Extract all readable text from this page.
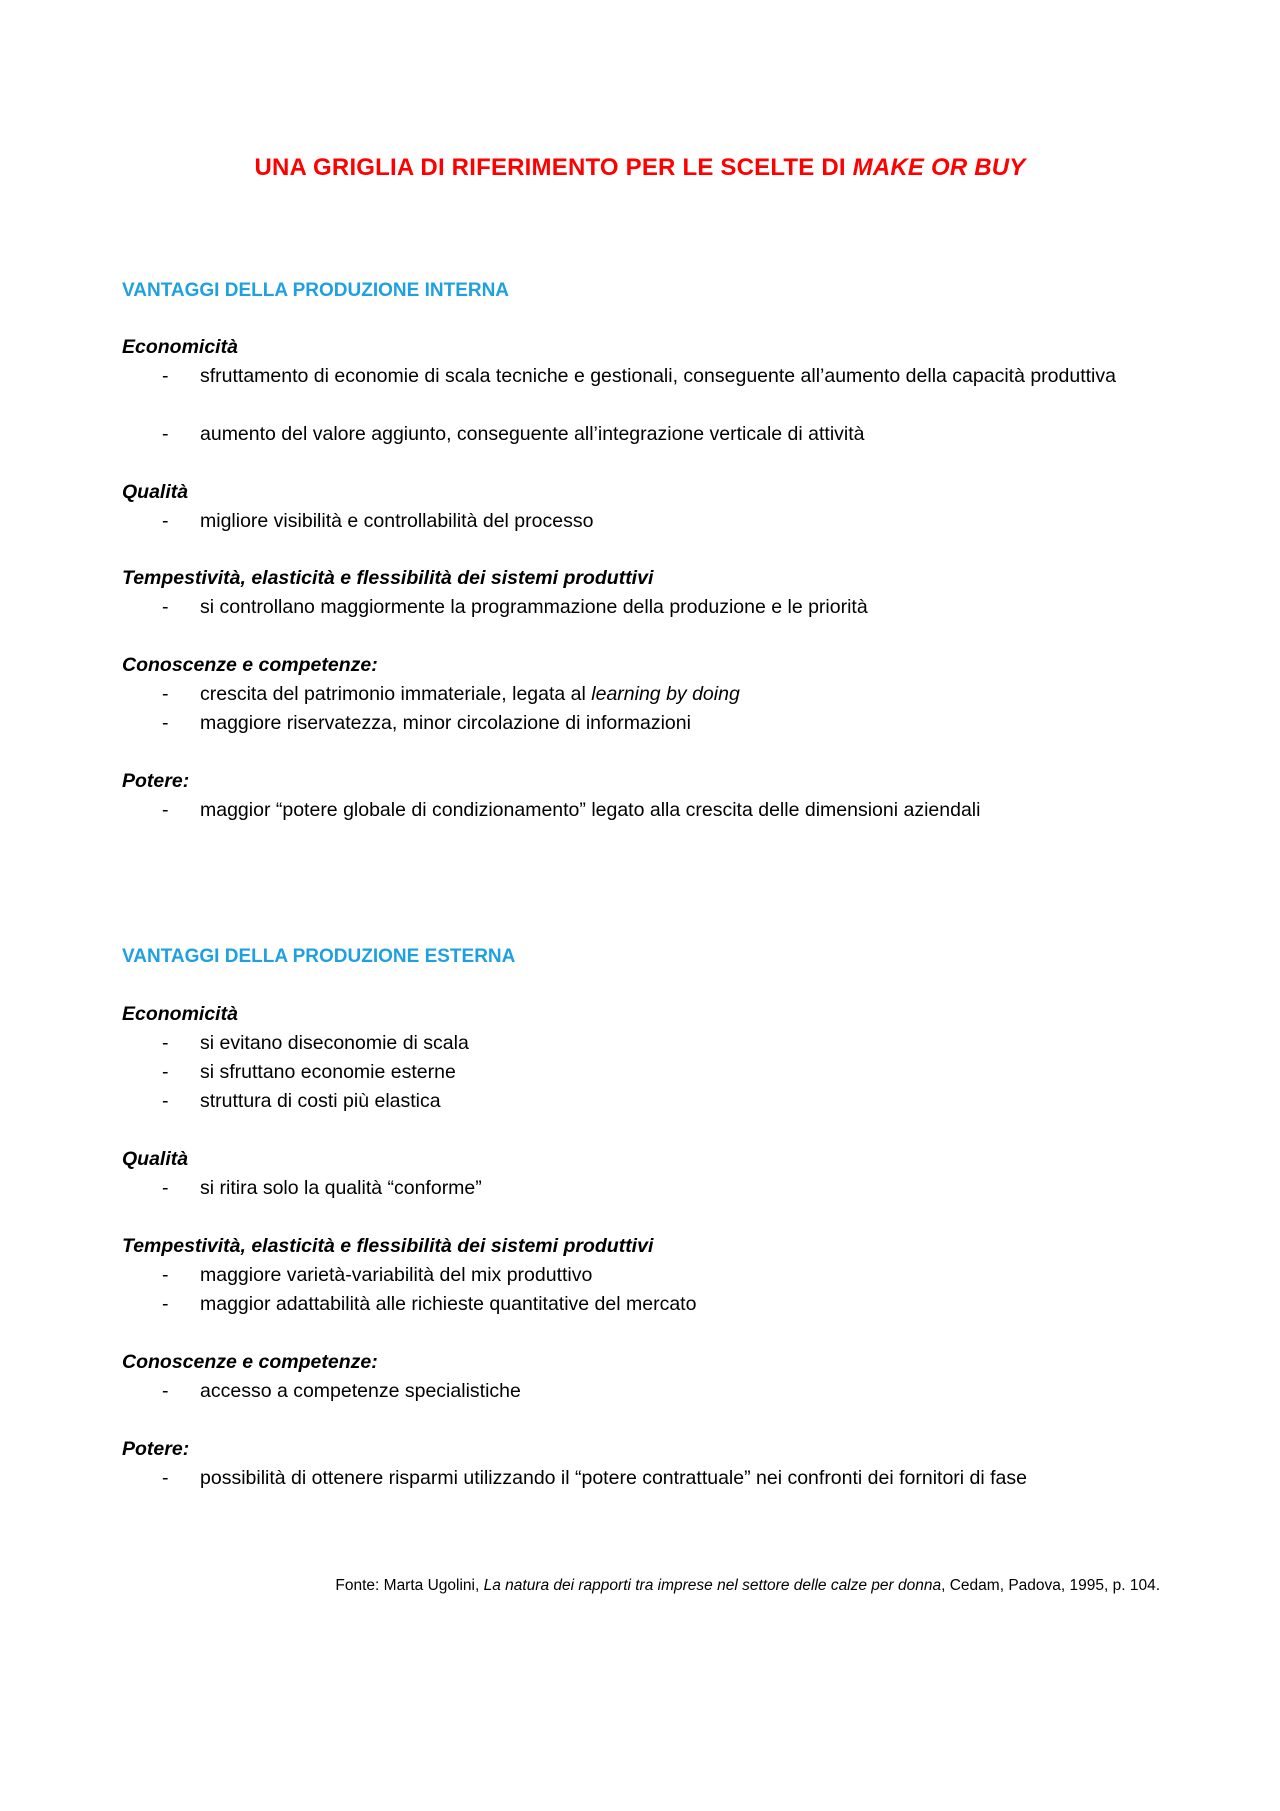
UNA GRIGLIA DI RIFERIMENTO PER LE SCELTE DI MAKE OR BUY
VANTAGGI DELLA PRODUZIONE INTERNA
Economicità
- sfruttamento di economie di scala tecniche e gestionali, conseguente all’aumento della capacità produttiva
- aumento del valore aggiunto, conseguente all’integrazione verticale di attività
Qualità
- migliore visibilità e controllabilità del processo
Tempestività, elasticità e flessibilità dei sistemi produttivi
- si controllano maggiormente la programmazione della produzione e le priorità
Conoscenze e competenze:
- crescita del patrimonio immateriale, legata al learning by doing
- maggiore riservatezza, minor circolazione di informazioni
Potere:
- maggior “potere globale di condizionamento” legato alla crescita delle dimensioni aziendali
VANTAGGI DELLA PRODUZIONE ESTERNA
Economicità
- si evitano diseconomie di scala
- si sfruttano economie esterne
- struttura di costi più elastica
Qualità
- si ritira solo la qualità “conforme”
Tempestività, elasticità e flessibilità dei sistemi produttivi
- maggiore varietà-variabilità del mix produttivo
- maggior adattabilità alle richieste quantitative del mercato
Conoscenze e competenze:
- accesso a competenze specialistiche
Potere:
- possibilità di ottenere risparmi utilizzando il “potere contrattuale” nei confronti dei fornitori di fase
Fonte: Marta Ugolini, La natura dei rapporti tra imprese nel settore delle calze per donna, Cedam, Padova, 1995, p. 104.
